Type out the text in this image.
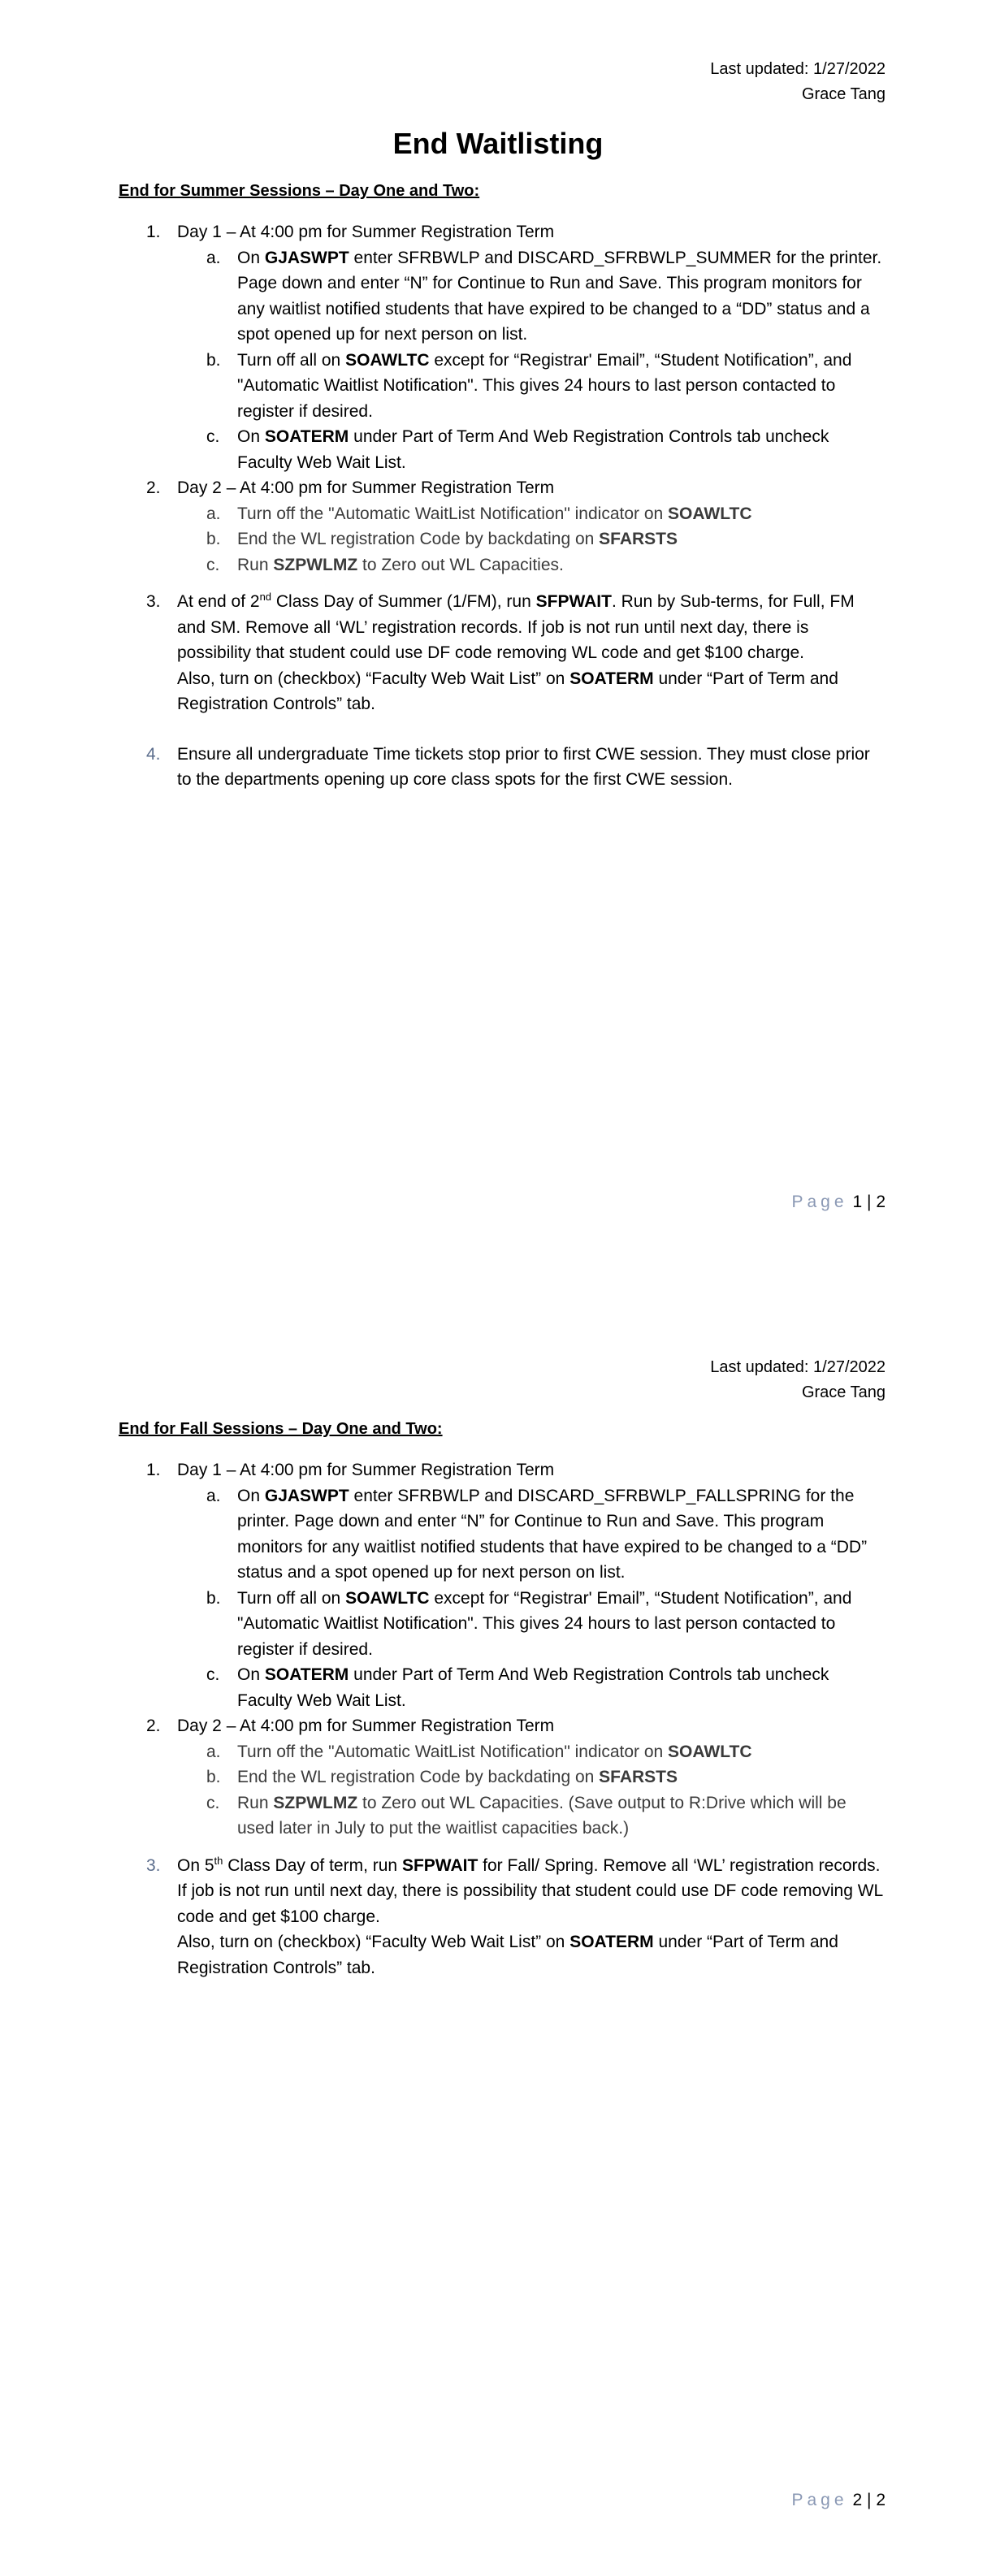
Last updated: 1/27/2022
Grace Tang
End Waitlisting
End for Summer Sessions – Day One and Two:
1. Day 1 – At 4:00 pm for Summer Registration Term
a. On GJASWPT enter SFRBWLP and DISCARD_SFRBWLP_SUMMER for the printer. Page down and enter “N” for Continue to Run and Save. This program monitors for any waitlist notified students that have expired to be changed to a “DD” status and a spot opened up for next person on list.
b. Turn off all on SOAWLTC except for “Registrar' Email”, “Student Notification”, and "Automatic Waitlist Notification". This gives 24 hours to last person contacted to register if desired.
c. On SOATERM under Part of Term And Web Registration Controls tab uncheck Faculty Web Wait List.
2. Day 2 – At 4:00 pm for Summer Registration Term
a. Turn off the "Automatic WaitList Notification" indicator on SOAWLTC
b. End the WL registration Code by backdating on SFARSTS
c. Run SZPWLMZ to Zero out WL Capacities.
3. At end of 2nd Class Day of Summer (1/FM), run SFPWAIT. Run by Sub-terms, for Full, FM and SM. Remove all ‘WL’ registration records. If job is not run until next day, there is possibility that student could use DF code removing WL code and get $100 charge.
Also, turn on (checkbox) “Faculty Web Wait List” on SOATERM under “Part of Term and Registration Controls” tab.
4. Ensure all undergraduate Time tickets stop prior to first CWE session. They must close prior to the departments opening up core class spots for the first CWE session.
Page 1 | 2
Last updated: 1/27/2022
Grace Tang
End for Fall Sessions – Day One and Two:
1. Day 1 – At 4:00 pm for Summer Registration Term
a. On GJASWPT enter SFRBWLP and DISCARD_SFRBWLP_FALLSPRING for the printer. Page down and enter “N” for Continue to Run and Save. This program monitors for any waitlist notified students that have expired to be changed to a “DD” status and a spot opened up for next person on list.
b. Turn off all on SOAWLTC except for “Registrar' Email”, “Student Notification”, and "Automatic Waitlist Notification". This gives 24 hours to last person contacted to register if desired.
c. On SOATERM under Part of Term And Web Registration Controls tab uncheck Faculty Web Wait List.
2. Day 2 – At 4:00 pm for Summer Registration Term
a. Turn off the "Automatic WaitList Notification" indicator on SOAWLTC
b. End the WL registration Code by backdating on SFARSTS
c. Run SZPWLMZ to Zero out WL Capacities. (Save output to R:Drive which will be used later in July to put the waitlist capacities back.)
3. On 5th Class Day of term, run SFPWAIT for Fall/ Spring. Remove all ‘WL’ registration records. If job is not run until next day, there is possibility that student could use DF code removing WL code and get $100 charge.
Also, turn on (checkbox) “Faculty Web Wait List” on SOATERM under “Part of Term and Registration Controls” tab.
Page 2 | 2
